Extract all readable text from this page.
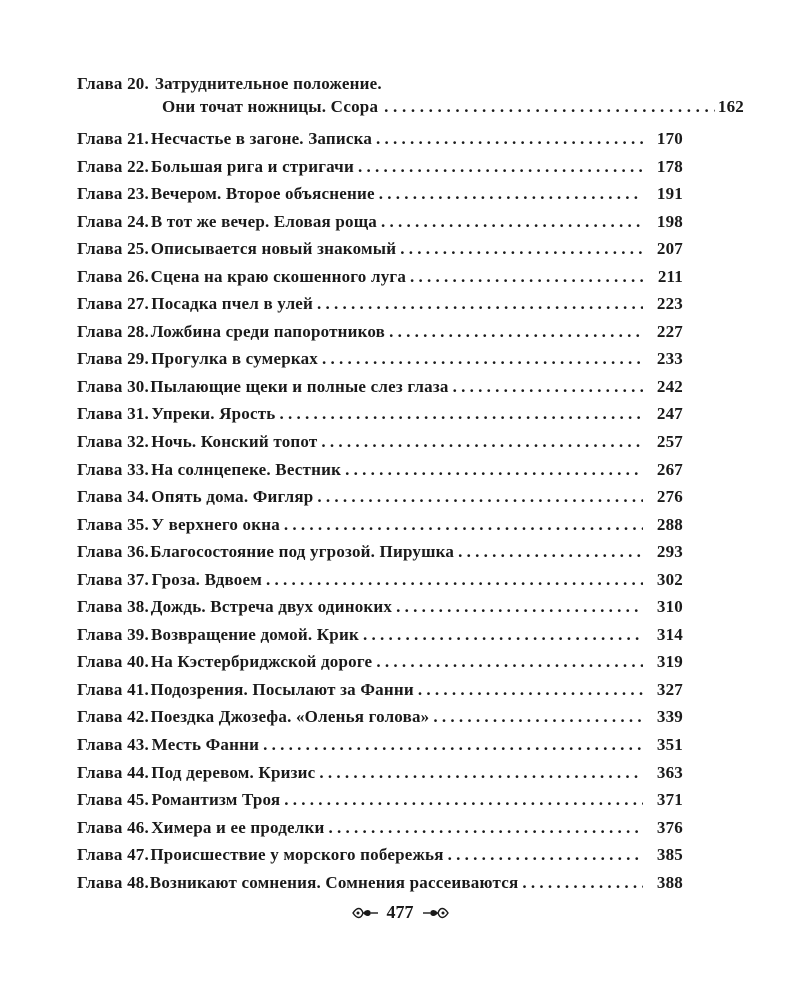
Глава 20. Затруднительное положение.
Они точат ножницы. Ссора . . .	162
Глава 21. Несчастье в загоне. Записка . . .	170
Глава 22. Большая рига и стригачи . . .	178
Глава 23. Вечером. Второе объяснение . . .	191
Глава 24. В тот же вечер. Еловая роща . . .	198
Глава 25. Описывается новый знакомый . . .	207
Глава 26. Сцена на краю скошенного луга . . .	211
Глава 27. Посадка пчел в улей . . .	223
Глава 28. Ложбина среди папоротников . . .	227
Глава 29. Прогулка в сумерках . . .	233
Глава 30. Пылающие щеки и полные слез глаза . . .	242
Глава 31. Упреки. Ярость . . .	247
Глава 32. Ночь. Конский топот . . .	257
Глава 33. На солнцепеке. Вестник . . .	267
Глава 34. Опять дома. Фигляр . . .	276
Глава 35. У верхнего окна . . .	288
Глава 36. Благосостояние под угрозой. Пирушка . . .	293
Глава 37. Гроза. Вдвоем . . .	302
Глава 38. Дождь. Встреча двух одиноких . . .	310
Глава 39. Возвращение домой. Крик . . .	314
Глава 40. На Кэстербриджской дороге . . .	319
Глава 41. Подозрения. Посылают за Фанни . . .	327
Глава 42. Поездка Джозефа. «Оленья голова» . . .	339
Глава 43. Месть Фанни . . .	351
Глава 44. Под деревом. Кризис . . .	363
Глава 45. Романтизм Троя . . .	371
Глава 46. Химера и ее проделки . . .	376
Глава 47. Происшествие у морского побережья . . .	385
Глава 48. Возникают сомнения. Сомнения рассеиваются . . .	388
477
